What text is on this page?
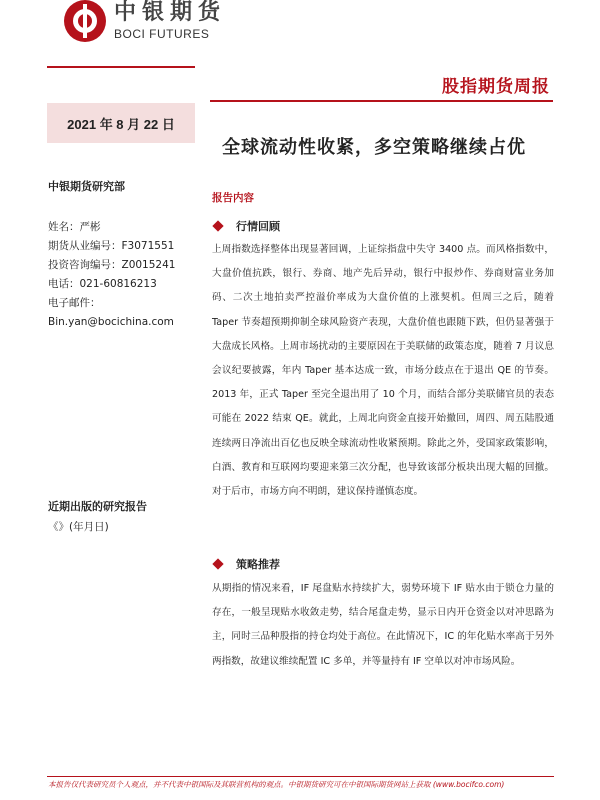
中银期货
BOCI FUTURES
股指期货周报
2021 年 8 月 22 日
全球流动性收紧，多空策略继续占优
中银期货研究部
姓名：严彬
期货从业编号：F3071551
投资咨询编号：Z0015241
电话：021-60816213
电子邮件：
Bin.yan@bocichina.com
近期出版的研究报告
《》(年月日)
报告内容
行情回顾
上周指数选择整体出现显著回调，上证综指盘中失守 3400 点。而风格指数中，大盘价值抗跌，银行、券商、地产先后异动，银行中报炒作、券商财富业务加码、二次土地拍卖严控溢价率成为大盘价值的上涨契机。但周三之后，随着 Taper 节奏超预期抑制全球风险资产表现，大盘价值也跟随下跌，但仍显著强于大盘成长风格。上周市场扰动的主要原因在于美联储的政策态度，随着 7 月议息会议纪要披露，年内 Taper 基本达成一致，市场分歧点在于退出 QE 的节奏。2013 年，正式 Taper 至完全退出用了 10 个月，而结合部分美联储官员的表态可能在 2022 结束 QE。就此，上周北向资金直接开始撤回，周四、周五陆股通连续两日净流出百亿也反映全球流动性收紧预期。除此之外，受国家政策影响，白酒、教育和互联网均要迎来第三次分配，也导致该部分板块出现大幅的回撤。对于后市，市场方向不明朗，建议保持谨慎态度。
策略推荐
从期指的情况来看，IF 尾盘贴水持续扩大，弱势环境下 IF 贴水由于锁仓力量的存在，一般呈现贴水收敛走势，结合尾盘走势，显示日内开仓资金以对冲思路为主，同时三品种股指的持仓均处于高位。在此情况下，IC 的年化贴水率高于另外两指数，故建议维续配置 IC 多单，并等量持有 IF 空单以对冲市场风险。
本报告仅代表研究员个人观点，并不代表中银国际及其联营机构的观点。中银期货研究可在中银国际期货网站上获取 (www.bocifco.com)
